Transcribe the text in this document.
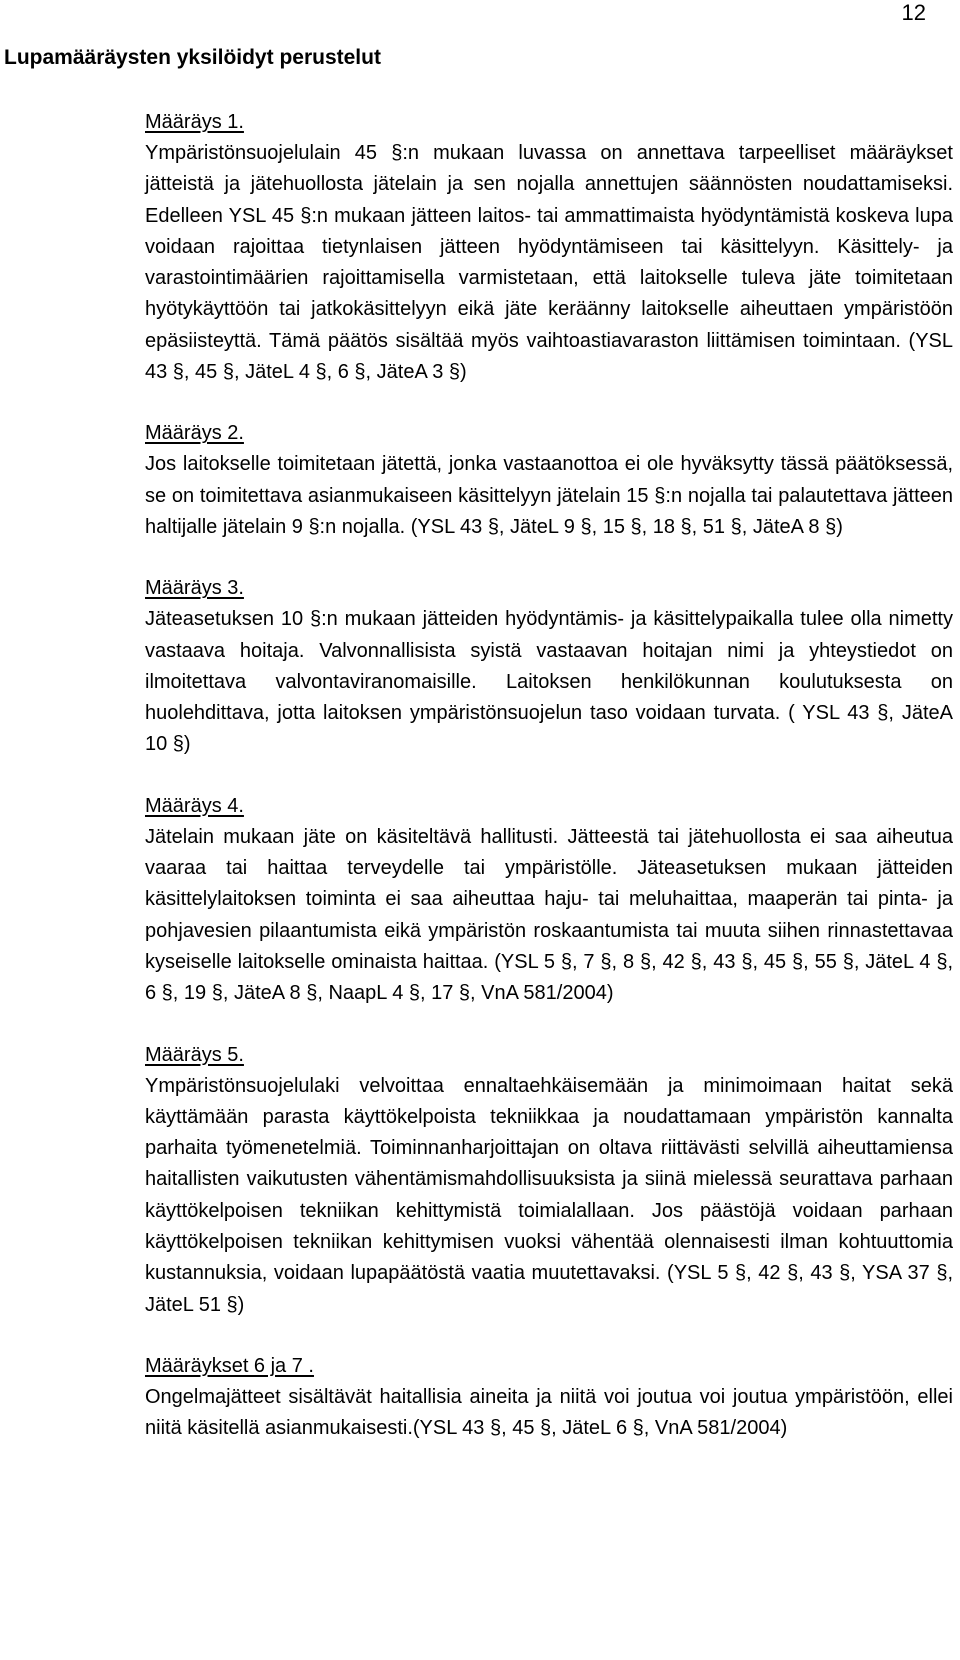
12
Lupamääräysten yksilöidyt perustelut
Määräys 1.

Ympäristönsuojelulain 45 §:n mukaan luvassa on annettava tarpeelliset määräykset jätteistä ja jätehuollosta jätelain ja sen nojalla annettujen säännösten noudattamiseksi. Edelleen YSL 45 §:n mukaan jätteen laitos- tai ammattimaista hyödyntämistä koskeva lupa voidaan rajoittaa tietynlaisen jätteen hyödyntämiseen tai käsittelyyn. Käsittely- ja varastointimäärien rajoittamisella varmistetaan, että laitokselle tuleva jäte toimitetaan hyötykäyttöön tai jatkokäsittelyyn eikä jäte keräänny laitokselle aiheuttaen ympäristöön epäsiisteyttä. Tämä päätös sisältää myös vaihtoastiavaraston liittämisen toimintaan. (YSL 43 §, 45 §, JäteL 4 §, 6 §, JäteA 3 §)

Määräys 2.

Jos laitokselle toimitetaan jätettä, jonka vastaanottoa ei ole hyväksytty tässä päätöksessä, se on toimitettava asianmukaiseen käsittelyyn jätelain 15 §:n nojalla tai palautettava jätteen haltijalle jätelain 9 §:n nojalla. (YSL 43 §, JäteL 9 §, 15 §, 18 §, 51 §, JäteA 8 §)

Määräys 3.

Jäteasetuksen 10 §:n mukaan jätteiden hyödyntämis- ja käsittelypaikalla tulee olla nimetty vastaava hoitaja. Valvonnallisista syistä vastaavan hoitajan nimi ja yhteystiedot on ilmoitettava valvontaviranomaisille. Laitoksen henkilökunnan koulutuksesta on huolehdittava, jotta laitoksen ympäristönsuojelun taso voidaan turvata. ( YSL 43 §, JäteA 10 §)

Määräys 4.

Jätelain mukaan jäte on käsiteltävä hallitusti. Jätteestä tai jätehuollosta ei saa aiheutua vaaraa tai haittaa terveydelle tai ympäristölle. Jäteasetuksen mukaan jätteiden käsittelylaitoksen toiminta ei saa aiheuttaa haju- tai meluhaittaa, maaperän tai pinta- ja pohjavesien pilaantumista eikä ympäristön roskaantumista tai muuta siihen rinnastettavaa kyseiselle laitokselle ominaista haittaa. (YSL 5 §, 7 §, 8 §, 42 §, 43 §, 45 §, 55 §, JäteL 4 §, 6 §, 19 §, JäteA 8 §, NaapL 4 §, 17 §, VnA 581/2004)

Määräys 5.

Ympäristönsuojelulaki velvoittaa ennaltaehkäisemään ja minimoimaan haitat sekä käyttämään parasta käyttökelpoista tekniikkaa ja noudattamaan ympäristön kannalta parhaita työmenetelmiä. Toiminnanharjoittajan on oltava riittävästi selvillä aiheuttamiensa haitallisten vaikutusten vähentämismahdollisuuksista ja siinä mielessä seurattava parhaan käyttökelpoisen tekniikan kehittymistä toimialallaan. Jos päästöjä voidaan parhaan käyttökelpoisen tekniikan kehittymisen vuoksi vähentää olennaisesti ilman kohtuuttomia kustannuksia, voidaan lupapäätöstä vaatia muutettavaksi. (YSL 5 §, 42 §, 43 §, YSA 37 §, JäteL 51 §)

Määräykset 6 ja 7 .

Ongelmajätteet sisältävät haitallisia aineita ja niitä voi joutua voi joutua ympäristöön, ellei niitä käsitellä asianmukaisesti.(YSL 43 §, 45 §, JäteL 6 §, VnA 581/2004)
